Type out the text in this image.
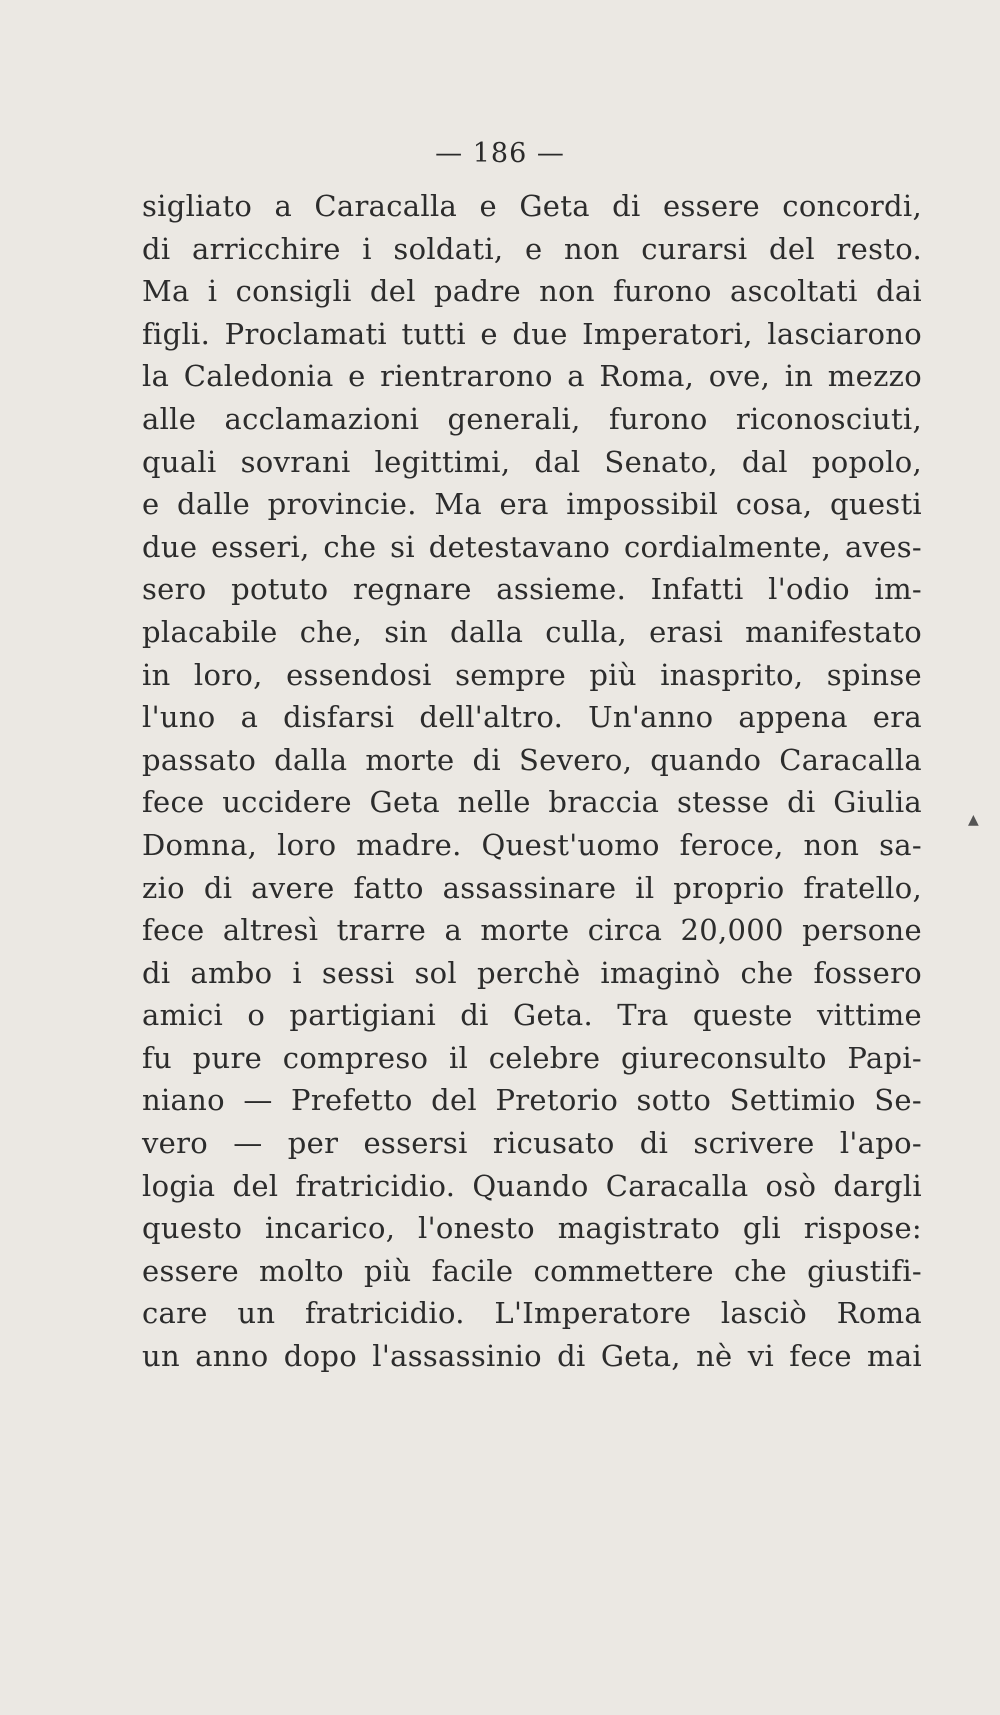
— 186 —
sigliato a Caracalla e Geta di essere concordi,
di arricchire i soldati, e non curarsi del resto.
Ma i consigli del padre non furono ascoltati dai
figli. Proclamati tutti e due Imperatori, lasciarono
la Caledonia e rientrarono a Roma, ove, in mezzo
alle acclamazioni generali, furono riconosciuti,
quali sovrani legittimi, dal Senato, dal popolo,
e dalle provincie. Ma era impossibil cosa, questi
due esseri, che si detestavano cordialmente, aves-
sero potuto regnare assieme. Infatti l'odio im-
placabile che, sin dalla culla, erasi manifestato
in loro, essendosi sempre più inasprito, spinse
l'uno a disfarsi dell'altro. Un'anno appena era
passato dalla morte di Severo, quando Caracalla
fece uccidere Geta nelle braccia stesse di Giulia
Domna, loro madre. Quest'uomo feroce, non sa-
zio di avere fatto assassinare il proprio fratello,
fece altresì trarre a morte circa 20,000 persone
di ambo i sessi sol perchè imaginò che fossero
amici o partigiani di Geta. Tra queste vittime
fu pure compreso il celebre giureconsulto Papi-
niano — Prefetto del Pretorio sotto Settimio Se-
vero — per essersi ricusato di scrivere l'apo-
logia del fratricidio. Quando Caracalla osò dargli
questo incarico, l'onesto magistrato gli rispose:
essere molto più facile commettere che giustifi-
care un fratricidio. L'Imperatore lasciò Roma
un anno dopo l'assassinio di Geta, nè vi fece mai
▲
